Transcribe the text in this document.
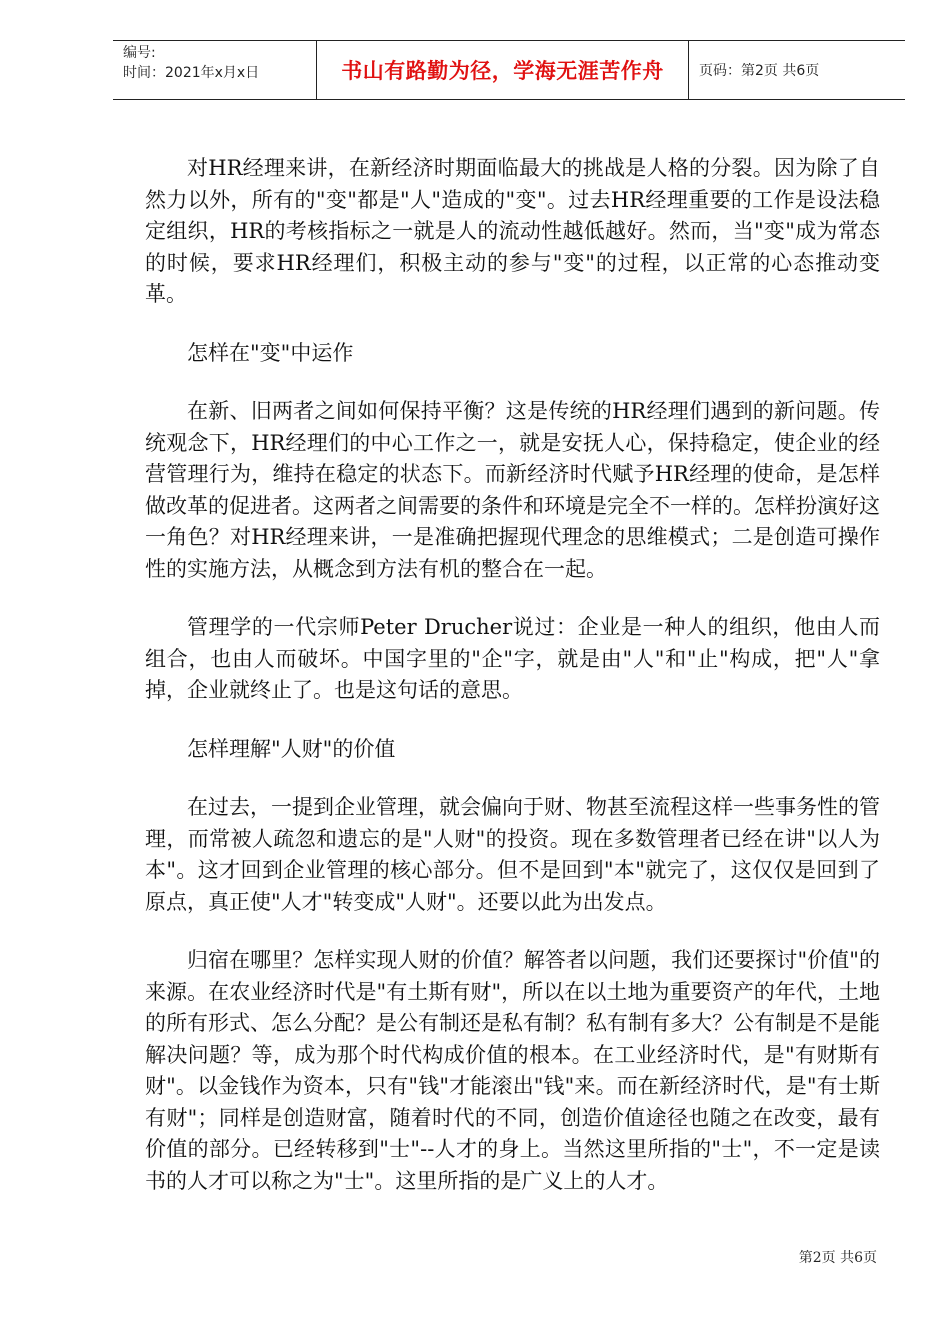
编号:
时间：2021年x月x日	书山有路勤为径，学海无涯苦作舟	页码：第2页 共6页

对HR经理来讲，在新经济时期面临最大的挑战是人格的分裂。因为除了自然力以外，所有的"变"都是"人"造成的"变"。过去HR经理重要的工作是设法稳定组织，HR的考核指标之一就是人的流动性越低越好。然而，当"变"成为常态的时候，要求HR经理们，积极主动的参与"变"的过程，以正常的心态推动变革。

怎样在"变"中运作

在新、旧两者之间如何保持平衡？这是传统的HR经理们遇到的新问题。传统观念下，HR经理们的中心工作之一，就是安抚人心，保持稳定，使企业的经营管理行为，维持在稳定的状态下。而新经济时代赋予HR经理的使命，是怎样做改革的促进者。这两者之间需要的条件和环境是完全不一样的。怎样扮演好这一角色？对HR经理来讲，一是准确把握现代理念的思维模式；二是创造可操作性的实施方法，从概念到方法有机的整合在一起。

管理学的一代宗师Peter Drucher说过：企业是一种人的组织，他由人而组合，也由人而破坏。中国字里的"企"字，就是由"人"和"止"构成，把"人"拿掉，企业就终止了。也是这句话的意思。

怎样理解"人财"的价值

在过去，一提到企业管理，就会偏向于财、物甚至流程这样一些事务性的管理，而常被人疏忽和遗忘的是"人财"的投资。现在多数管理者已经在讲"以人为本"。这才回到企业管理的核心部分。但不是回到"本"就完了，这仅仅是回到了原点，真正使"人才"转变成"人财"。还要以此为出发点。

归宿在哪里？怎样实现人财的价值？解答者以问题，我们还要探讨"价值"的来源。在农业经济时代是"有土斯有财"，所以在以土地为重要资产的年代，土地的所有形式、怎么分配？是公有制还是私有制？私有制有多大？公有制是不是能解决问题？等，成为那个时代构成价值的根本。在工业经济时代，是"有财斯有财"。以金钱作为资本，只有"钱"才能滚出"钱"来。而在新经济时代，是"有士斯有财"；同样是创造财富，随着时代的不同，创造价值途径也随之在改变，最有价值的部分。已经转移到"士"--人才的身上。当然这里所指的"士"，不一定是读书的人才可以称之为"士"。这里所指的是广义上的人才。

第2页 共6页
